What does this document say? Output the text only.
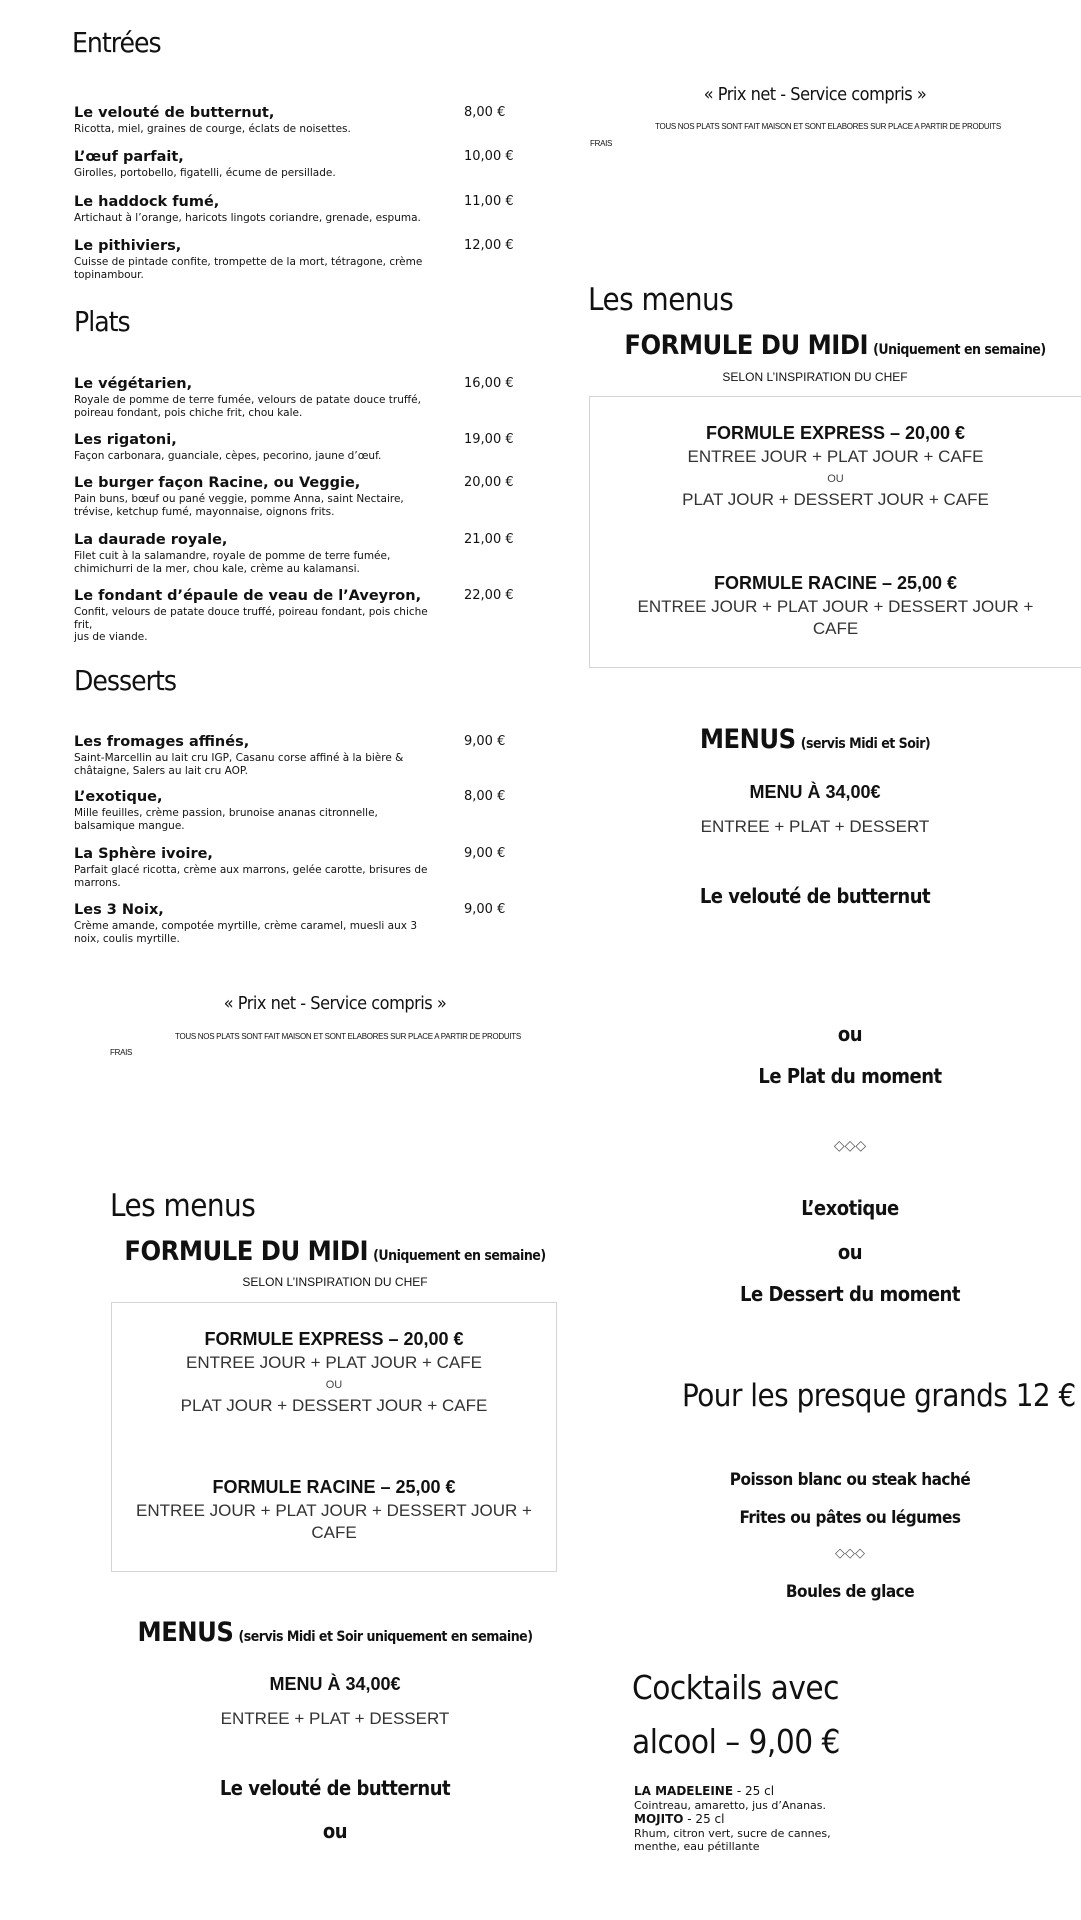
Entrées
Le velouté de butternut,
Ricotta, miel, graines de courge, éclats de noisettes.
8,00 €
L’œuf parfait,
Girolles, portobello, figatelli, écume de persillade.
10,00 €
Le haddock fumé,
Artichaut à l’orange, haricots lingots coriandre, grenade, espuma.
11,00 €
Le pithiviers,
Cuisse de pintade confite, trompette de la mort, tétragone, crème topinambour.
12,00 €
Plats
Le végétarien,
Royale de pomme de terre fumée, velours de patate douce truffé, poireau fondant, pois chiche frit, chou kale.
16,00 €
Les rigatoni,
Façon carbonara, guanciale, cèpes, pecorino, jaune d’œuf.
19,00 €
Le burger façon Racine, ou Veggie,
Pain buns, bœuf ou pané veggie, pomme Anna, saint Nectaire, trévise, ketchup fumé, mayonnaise, oignons frits.
20,00 €
La daurade royale,
Filet cuit à la salamandre, royale de pomme de terre fumée, chimichurri de la mer, chou kale, crème au kalamansi.
21,00 €
Le fondant d’épaule de veau de l’Aveyron,
Confit, velours de patate douce truffé, poireau fondant, pois chiche frit,
jus de viande.
22,00 €
Desserts
Les fromages affinés,
Saint-Marcellin au lait cru IGP, Casanu corse affiné à la bière & châtaigne, Salers au lait cru AOP.
9,00 €
L’exotique,
Mille feuilles, crème passion, brunoise ananas citronnelle, balsamique mangue.
8,00 €
La Sphère ivoire,
Parfait glacé ricotta, crème aux marrons, gelée carotte, brisures de marrons.
9,00 €
Les 3 Noix,
Crème amande, compotée myrtille, crème caramel, muesli aux 3 noix, coulis myrtille.
9,00 €
« Prix net - Service compris »
TOUS NOS PLATS SONT FAIT MAISON ET SONT ELABORES SUR PLACE A PARTIR DE PRODUITS
FRAIS
Les menus
FORMULE DU MIDI (Uniquement en semaine)
SELON L’INSPIRATION DU CHEF
FORMULE EXPRESS – 20,00 €
ENTREE JOUR + PLAT JOUR + CAFE
OU
PLAT JOUR + DESSERT JOUR + CAFE
FORMULE RACINE – 25,00 €
ENTREE JOUR + PLAT JOUR + DESSERT JOUR +
CAFE
MENUS (servis Midi et Soir)
MENU À 34,00€
ENTREE + PLAT + DESSERT
Le velouté de butternut
« Prix net - Service compris »
TOUS NOS PLATS SONT FAIT MAISON ET SONT ELABORES SUR PLACE A PARTIR DE PRODUITS
FRAIS
Les menus
FORMULE DU MIDI (Uniquement en semaine)
SELON L’INSPIRATION DU CHEF
FORMULE EXPRESS – 20,00 €
ENTREE JOUR + PLAT JOUR + CAFE
OU
PLAT JOUR + DESSERT JOUR + CAFE
FORMULE RACINE – 25,00 €
ENTREE JOUR + PLAT JOUR + DESSERT JOUR +
CAFE
MENUS (servis Midi et Soir uniquement en semaine)
MENU À 34,00€
ENTREE + PLAT + DESSERT
Le velouté de butternut
ou
ou
Le Plat du moment
◇◇◇
L’exotique
ou
Le Dessert du moment
Pour les presque grands 12 €
Poisson blanc ou steak haché
Frites ou pâtes ou légumes
◇◇◇
Boules de glace
Cocktails avec
alcool – 9,00 €
LA MADELEINE - 25 cl
Cointreau, amaretto, jus d’Ananas.
MOJITO - 25 cl
Rhum, citron vert, sucre de cannes,
menthe, eau pétillante
